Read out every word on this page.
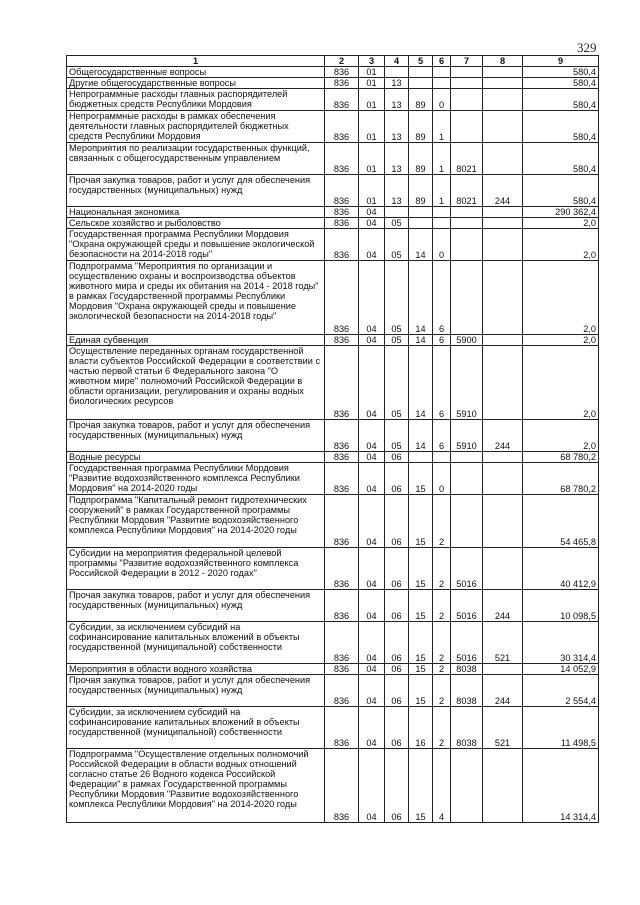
329
1	2	3	4	5	6	7	8	9
Общегосударственные вопросы	836	01						580,4
Другие общегосударственные вопросы	836	01	13					580,4
Непрограммные расходы главных распорядителей бюджетных средств Республики Мордовия	836	01	13	89	0			580,4
Непрограммные расходы в рамках обеспечения деятельности главных распорядителей бюджетных средств Республики Мордовия	836	01	13	89	1			580,4
Мероприятия по реализации государственных функций, связанных с общегосударственным управлением	836	01	13	89	1	8021		580,4
Прочая закупка товаров, работ и услуг для обеспечения государственных (муниципальных) нужд	836	01	13	89	1	8021	244	580,4
Национальная экономика	836	04						290 362,4
Сельское хозяйство и рыболовство	836	04	05					2,0
Государственная программа Республики Мордовия "Охрана окружающей среды и повышение экологической безопасности на 2014-2018 годы"	836	04	05	14	0			2,0
Подпрограмма "Мероприятия по организации и осуществлению охраны и воспроизводства объектов животного мира и среды их обитания на 2014 - 2018 годы" в рамках Государственной программы Республики Мордовия "Охрана окружающей среды и повышение экологической безопасности на 2014-2018 годы"	836	04	05	14	6			2,0
Единая субвенция	836	04	05	14	6	5900		2,0
Осуществление переданных органам государственной власти субъектов Российской Федерации в соответствии с частью первой статьи 6 Федерального закона "О животном мире" полномочий Российской Федерации в области организации, регулирования и охраны водных биологических ресурсов	836	04	05	14	6	5910		2,0
Прочая закупка товаров, работ и услуг для обеспечения государственных (муниципальных) нужд	836	04	05	14	6	5910	244	2,0
Водные ресурсы	836	04	06					68 780,2
Государственная программа Республики Мордовия "Развитие водохозяйственного комплекса Республики Мордовия" на 2014-2020 годы	836	04	06	15	0			68 780,2
Подпрограмма "Капитальный ремонт гидротехнических сооружений" в рамках Государственной программы Республики Мордовия "Развитие водохозяйственного комплекса Республики Мордовия" на 2014-2020 годы	836	04	06	15	2			54 465,8
Субсидии на мероприятия федеральной целевой программы "Развитие водохозяйственного комплекса Российской Федерации в 2012 - 2020 годах"	836	04	06	15	2	5016		40 412,9
Прочая закупка товаров, работ и услуг для обеспечения государственных (муниципальных) нужд	836	04	06	15	2	5016	244	10 098,5
Субсидии, за исключением субсидий на софинансирование капитальных вложений в объекты государственной (муниципальной) собственности	836	04	06	15	2	5016	521	30 314,4
Мероприятия в области водного хозяйства	836	04	06	15	2	8038		14 052,9
Прочая закупка товаров, работ и услуг для обеспечения государственных (муниципальных) нужд	836	04	06	15	2	8038	244	2 554,4
Субсидии, за исключением субсидий на софинансирование капитальных вложений в объекты государственной (муниципальной) собственности	836	04	06	16	2	8038	521	11 498,5
Подпрограмма "Осуществление отдельных полномочий Российской Федерации в области водных отношений согласно статье 26 Водного кодекса Российской Федерации" в рамках Государственной программы Республики Мордовия "Развитие водохозяйственного комплекса Республики Мордовия" на 2014-2020 годы	836	04	06	15	4			14 314,4
